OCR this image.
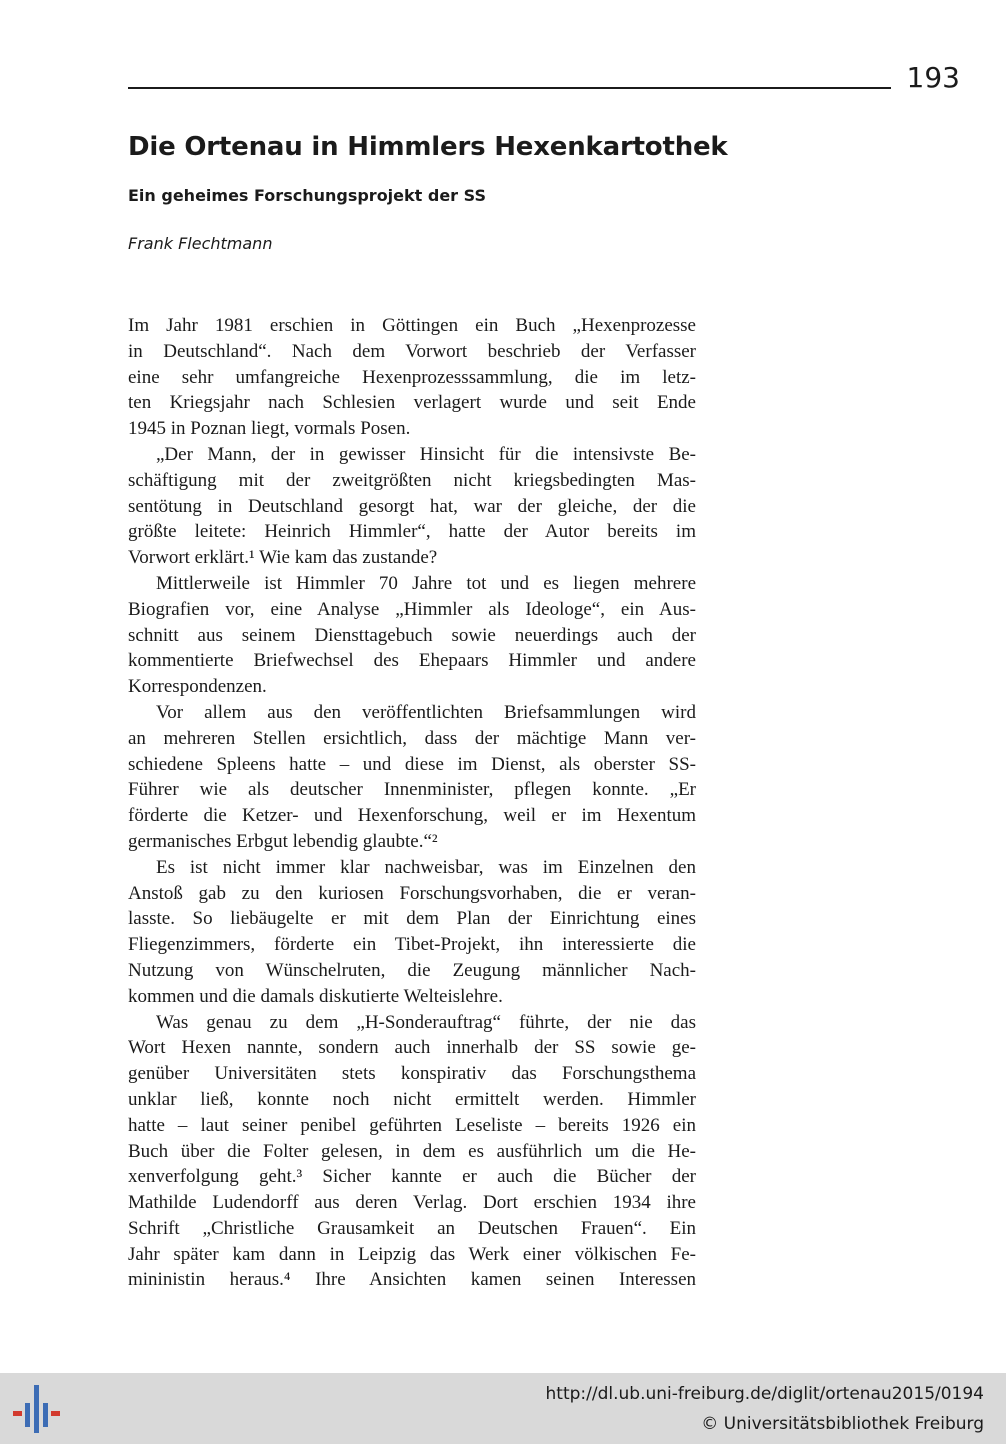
193
Die Ortenau in Himmlers Hexenkartothek
Ein geheimes Forschungsprojekt der SS

Frank Flechtmann

Im Jahr 1981 erschien in Göttingen ein Buch „Hexenprozesse
in Deutschland“. Nach dem Vorwort beschrieb der Verfasser
eine sehr umfangreiche Hexenprozesssammlung, die im letz-
ten Kriegsjahr nach Schlesien verlagert wurde und seit Ende
1945 in Poznan liegt, vormals Posen.
„Der Mann, der in gewisser Hinsicht für die intensivste Be-
schäftigung mit der zweitgrößten nicht kriegsbedingten Mas-
sentötung in Deutschland gesorgt hat, war der gleiche, der die
größte leitete: Heinrich Himmler“, hatte der Autor bereits im
Vorwort erklärt.¹ Wie kam das zustande?
Mittlerweile ist Himmler 70 Jahre tot und es liegen mehrere
Biografien vor, eine Analyse „Himmler als Ideologe“, ein Aus-
schnitt aus seinem Diensttagebuch sowie neuerdings auch der
kommentierte Briefwechsel des Ehepaars Himmler und andere
Korrespondenzen.
Vor allem aus den veröffentlichten Briefsammlungen wird
an mehreren Stellen ersichtlich, dass der mächtige Mann ver-
schiedene Spleens hatte – und diese im Dienst, als oberster SS-
Führer wie als deutscher Innenminister, pflegen konnte. „Er
förderte die Ketzer- und Hexenforschung, weil er im Hexentum
germanisches Erbgut lebendig glaubte.“²
Es ist nicht immer klar nachweisbar, was im Einzelnen den
Anstoß gab zu den kuriosen Forschungsvorhaben, die er veran-
lasste. So liebäugelte er mit dem Plan der Einrichtung eines
Fliegenzimmers, förderte ein Tibet-Projekt, ihn interessierte die
Nutzung von Wünschelruten, die Zeugung männlicher Nach-
kommen und die damals diskutierte Welteislehre.
Was genau zu dem „H-Sonderauftrag“ führte, der nie das
Wort Hexen nannte, sondern auch innerhalb der SS sowie ge-
genüber Universitäten stets konspirativ das Forschungsthema
unklar ließ, konnte noch nicht ermittelt werden. Himmler
hatte – laut seiner penibel geführten Leseliste – bereits 1926 ein
Buch über die Folter gelesen, in dem es ausführlich um die He-
xenverfolgung geht.³ Sicher kannte er auch die Bücher der
Mathilde Ludendorff aus deren Verlag. Dort erschien 1934 ihre
Schrift „Christliche Grausamkeit an Deutschen Frauen“. Ein
Jahr später kam dann in Leipzig das Werk einer völkischen Fe-
mininistin heraus.⁴ Ihre Ansichten kamen seinen Interessen
http://dl.ub.uni-freiburg.de/diglit/ortenau2015/0194
© Universitätsbibliothek Freiburg
